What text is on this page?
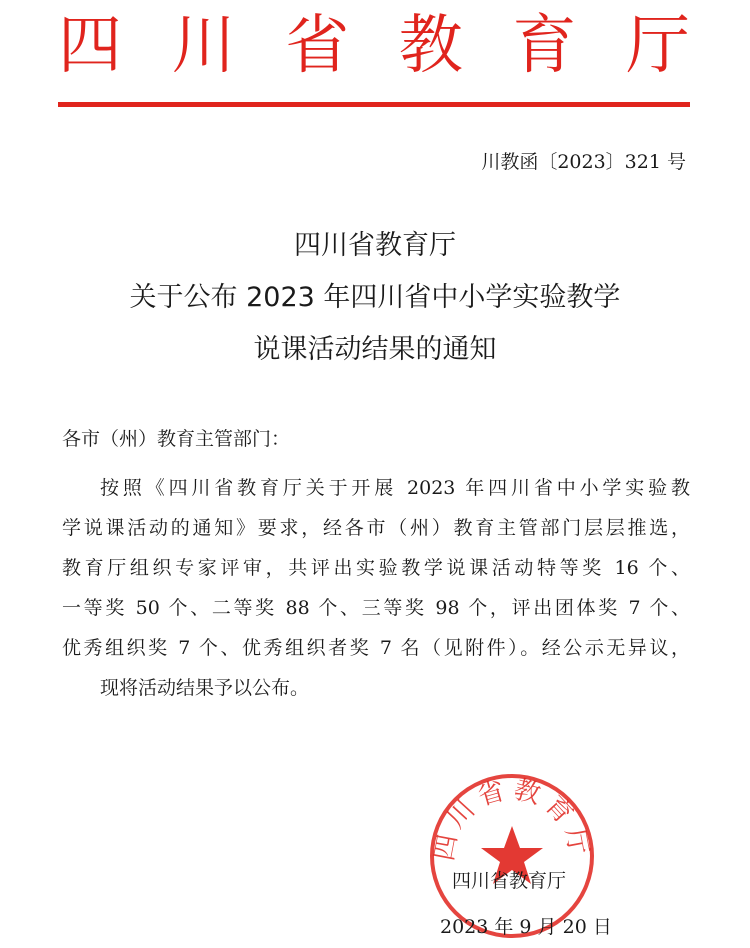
四 川 省 教 育 厅
川教函〔2023〕321 号
四川省教育厅
关于公布 2023 年四川省中小学实验教学
说课活动结果的通知
各市（州）教育主管部门：
按照《四川省教育厅关于开展 2023 年四川省中小学实验教
学说课活动的通知》要求，经各市（州）教育主管部门层层推选，
教育厅组织专家评审，共评出实验教学说课活动特等奖 16 个、
一等奖 50 个、二等奖 88 个、三等奖 98 个，评出团体奖 7 个、
优秀组织奖 7 个、优秀组织者奖 7 名（见附件）。经公示无异议，
现将活动结果予以公布。
四川省教育厅
四川省教育厅
2023 年 9 月 20 日
